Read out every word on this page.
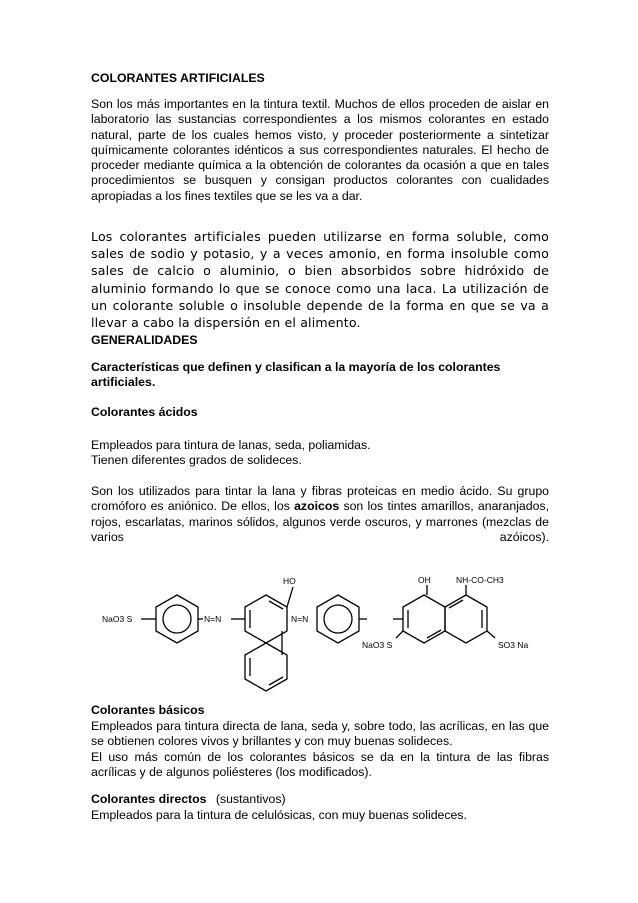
COLORANTES ARTIFICIALES
Son los más importantes en la tintura textil. Muchos de ellos proceden de aislar en laboratorio las sustancias correspondientes a los mismos colorantes en estado natural, parte de los cuales hemos visto, y proceder posteriormente a sintetizar químicamente colorantes idénticos a sus correspondientes naturales. El hecho de proceder mediante química a la obtención de colorantes da ocasión a que en tales procedimientos se busquen y consigan productos colorantes con cualidades apropiadas a los fines textiles que se les va a dar.
Los colorantes artificiales pueden utilizarse en forma soluble, como sales de sodio y potasio, y a veces amonio, en forma insoluble como sales de calcio o aluminio, o bien absorbidos sobre hidróxido de aluminio formando lo que se conoce como una laca. La utilización de un colorante soluble o insoluble depende de la forma en que se va a llevar a cabo la dispersión en el alimento.
GENERALIDADES
Características que definen y clasifican a la mayoría de los colorantes artificiales.
Colorantes ácidos
Empleados para tintura de lanas, seda, poliamidas.
Tienen diferentes grados de solideces.
Son los utilizados para tintar la lana y fibras proteicas en medio ácido. Su grupo cromóforo es aniónico. De ellos, los azoicos son los tintes amarillos, anaranjados, rojos, escarlatas, marinos sólidos, algunos verde oscuros, y marrones (mezclas de varios azóicos).
NaO3 S	N=N
HO
N=N
OH	NH-CO-CH3
NaO3 S	SO3 Na
Colorantes básicos
Empleados para tintura directa de lana, seda y, sobre todo, las acrílicas, en las que se obtienen colores vivos y brillantes y con muy buenas solideces.
El uso más común de los colorantes básicos se da en la tintura de las fibras acrílicas y de algunos poliésteres (los modificados).
Colorantes directos (sustantivos)
Empleados para la tintura de celulósicas, con muy buenas solideces.
